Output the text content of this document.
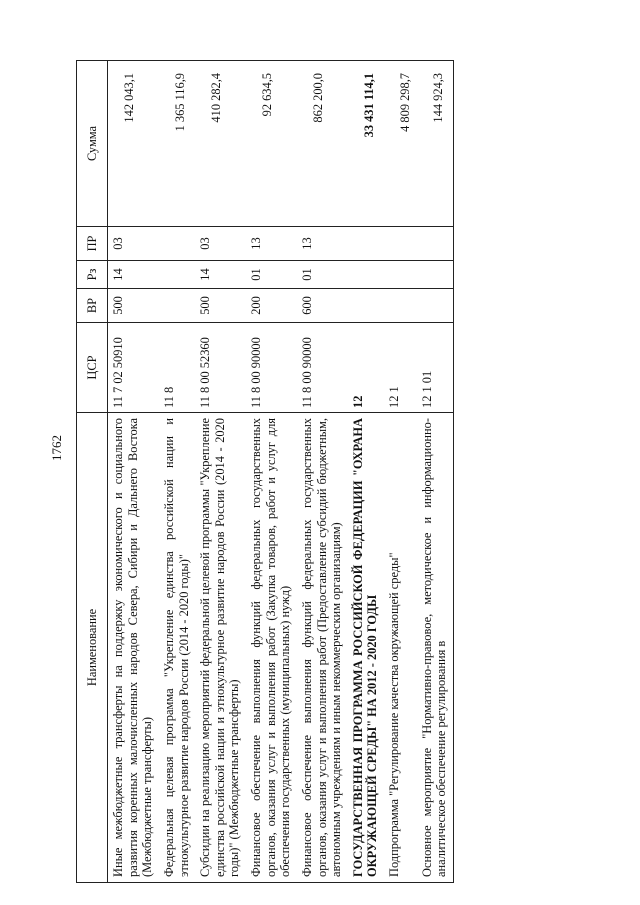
1762
Наименование	ЦСР	ВР	Рз	ПР	Сумма
Иные межбюджетные трансферты на поддержку экономического и социального развития коренных малочисленных народов Севера, Сибири и Дальнего Востока (Межбюджетные трансферты)	11 7 02 50910	500	14	03	142 043,1
Федеральная целевая программа "Укрепление единства российской нации и этнокультурное развитие народов России (2014 - 2020 годы)"	11 8				1 365 116,9
Субсидии на реализацию мероприятий федеральной целевой программы "Укрепление единства российской нации и этнокультурное развитие народов России (2014 - 2020 годы)" (Межбюджетные трансферты)	11 8 00 52360	500	14	03	410 282,4
Финансовое обеспечение выполнения функций федеральных государственных органов, оказания услуг и выполнения работ (Закупка товаров, работ и услуг для обеспечения государственных (муниципальных) нужд)	11 8 00 90000	200	01	13	92 634,5
Финансовое обеспечение выполнения функций федеральных государственных органов, оказания услуг и выполнения работ (Предоставление субсидий бюджетным, автономным учреждениям и иным некоммерческим организациям)	11 8 00 90000	600	01	13	862 200,0
ГОСУДАРСТВЕННАЯ ПРОГРАММА РОССИЙСКОЙ ФЕДЕРАЦИИ "ОХРАНА ОКРУЖАЮЩЕЙ СРЕДЫ" НА 2012 - 2020 ГОДЫ	12				33 431 114,1
Подпрограмма "Регулирование качества окружающей среды"	12 1				4 809 298,7
Основное мероприятие "Нормативно-правовое, методическое и информационно-аналитическое обеспечение регулирования в	12 1 01				144 924,3
